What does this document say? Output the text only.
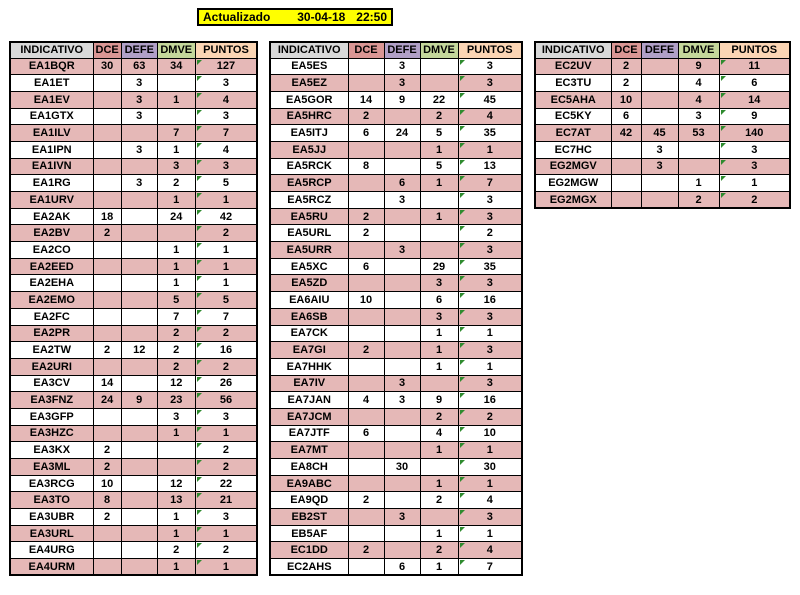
Actualizado 30-04-18 22:50
INDICATIVO	DCE	DEFE	DMVE	PUNTOS
EA1BQR	30	63	34	127
EA1ET		3		3
EA1EV		3	1	4
EA1GTX		3		3
EA1ILV			7	7
EA1IPN		3	1	4
EA1IVN			3	3
EA1RG		3	2	5
EA1URV			1	1
EA2AK	18		24	42
EA2BV	2			2
EA2CO			1	1
EA2EED			1	1
EA2EHA			1	1
EA2EMO			5	5
EA2FC			7	7
EA2PR			2	2
EA2TW	2	12	2	16
EA2URI			2	2
EA3CV	14		12	26
EA3FNZ	24	9	23	56
EA3GFP			3	3
EA3HZC			1	1
EA3KX	2			2
EA3ML	2			2
EA3RCG	10		12	22
EA3TO	8		13	21
EA3UBR	2		1	3
EA3URL			1	1
EA4URG			2	2
EA4URM			1	1
INDICATIVO	DCE	DEFE	DMVE	PUNTOS
EA5ES		3		3
EA5EZ		3		3
EA5GOR	14	9	22	45
EA5HRC	2		2	4
EA5ITJ	6	24	5	35
EA5JJ			1	1
EA5RCK	8		5	13
EA5RCP		6	1	7
EA5RCZ		3		3
EA5RU	2		1	3
EA5URL	2			2
EA5URR		3		3
EA5XC	6		29	35
EA5ZD			3	3
EA6AIU	10		6	16
EA6SB			3	3
EA7CK			1	1
EA7GI	2		1	3
EA7HHK			1	1
EA7IV		3		3
EA7JAN	4	3	9	16
EA7JCM			2	2
EA7JTF	6		4	10
EA7MT			1	1
EA8CH		30		30
EA9ABC			1	1
EA9QD	2		2	4
EB2ST		3		3
EB5AF			1	1
EC1DD	2		2	4
EC2AHS		6	1	7
INDICATIVO	DCE	DEFE	DMVE	PUNTOS
EC2UV	2		9	11
EC3TU	2		4	6
EC5AHA	10		4	14
EC5KY	6		3	9
EC7AT	42	45	53	140
EC7HC		3		3
EG2MGV		3		3
EG2MGW			1	1
EG2MGX			2	2
